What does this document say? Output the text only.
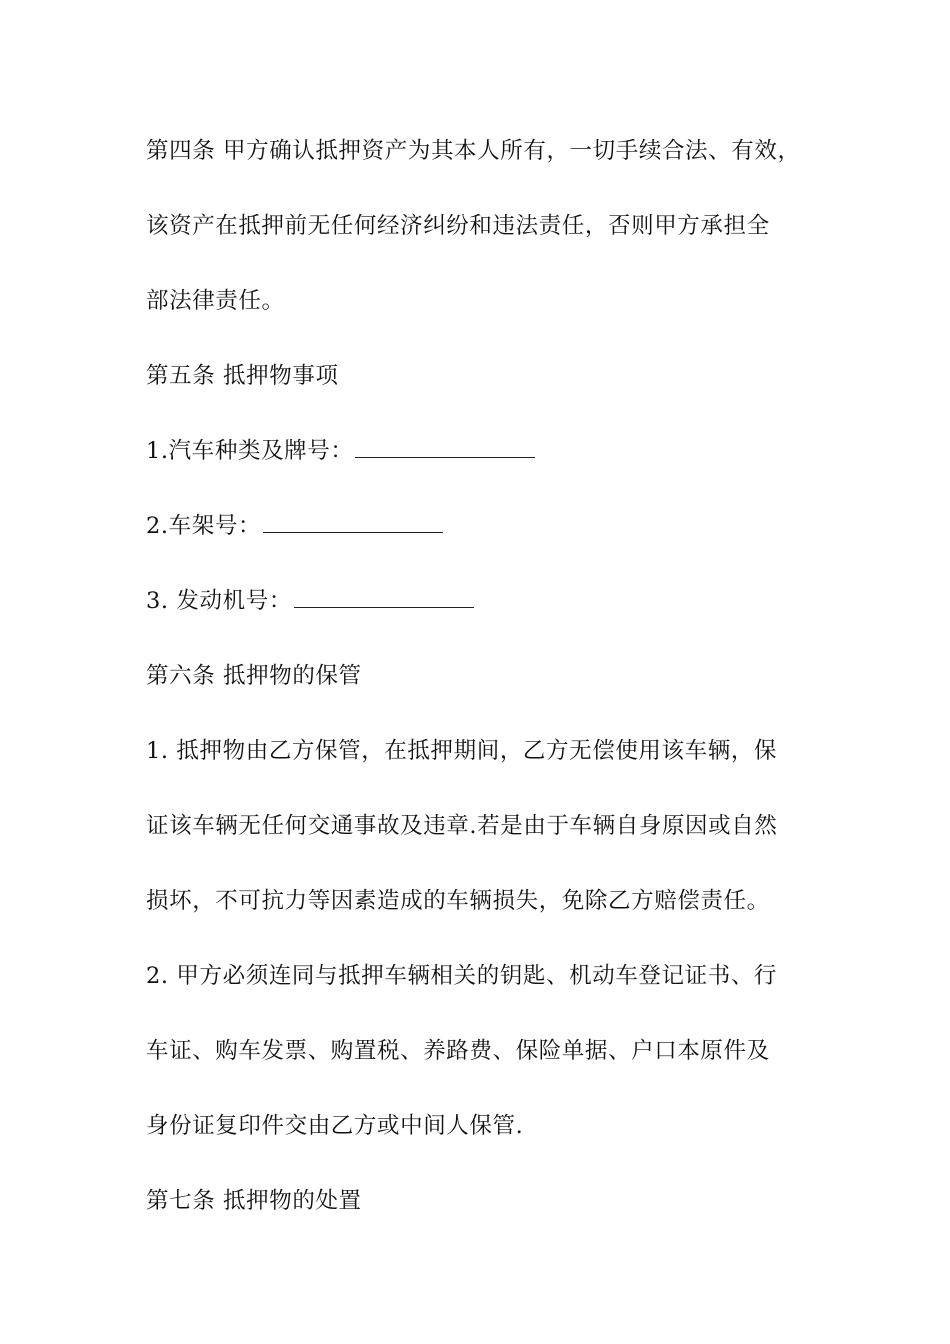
第四条 甲方确认抵押资产为其本人所有，一切手续合法、有效，
该资产在抵押前无任何经济纠纷和违法责任，否则甲方承担全
部法律责任。
第五条 抵押物事项
1.汽车种类及牌号：
2.车架号：
3. 发动机号：
第六条 抵押物的保管
1. 抵押物由乙方保管，在抵押期间，乙方无偿使用该车辆，保
证该车辆无任何交通事故及违章.若是由于车辆自身原因或自然
损坏，不可抗力等因素造成的车辆损失，免除乙方赔偿责任。
2. 甲方必须连同与抵押车辆相关的钥匙、机动车登记证书、行
车证、购车发票、购置税、养路费、保险单据、户口本原件及
身份证复印件交由乙方或中间人保管.
第七条 抵押物的处置
